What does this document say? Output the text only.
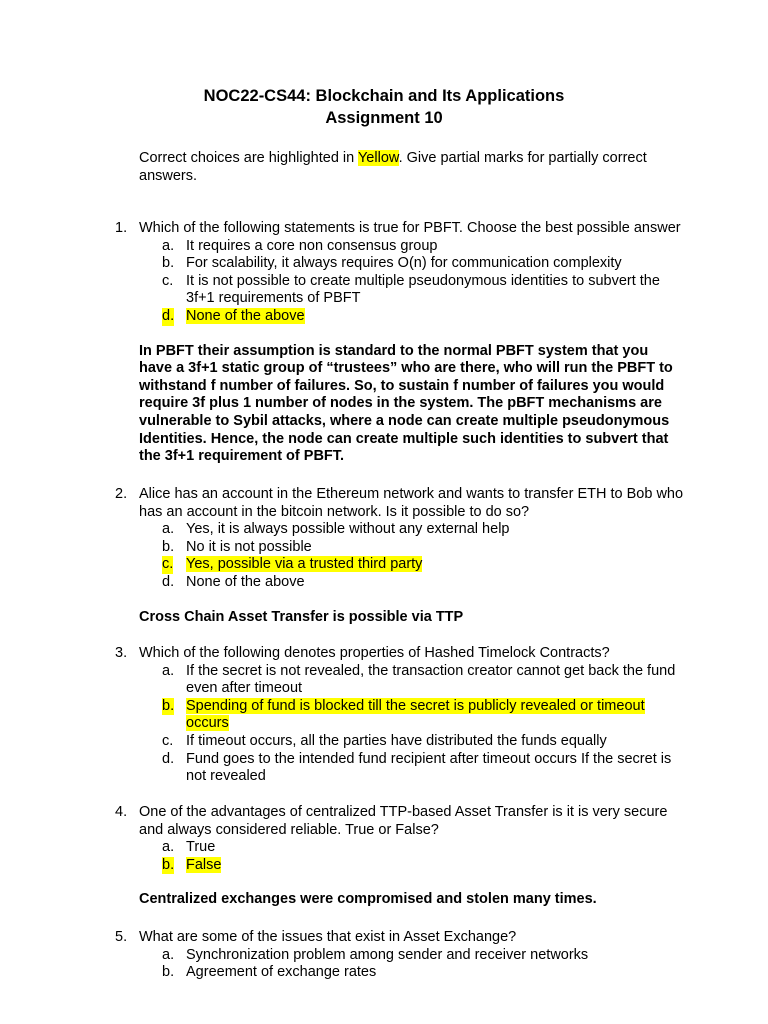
NOC22-CS44: Blockchain and Its Applications
Assignment 10
Correct choices are highlighted in Yellow. Give partial marks for partially correct
answers.
1. Which of the following statements is true for PBFT. Choose the best possible answer
a. It requires a core non consensus group
b. For scalability, it always requires O(n) for communication complexity
c. It is not possible to create multiple pseudonymous identities to subvert the
3f+1 requirements of PBFT
d. None of the above
In PBFT their assumption is standard to the normal PBFT system that you
have a 3f+1 static group of “trustees” who are there, who will run the PBFT to
withstand f number of failures. So, to sustain f number of failures you would
require 3f plus 1 number of nodes in the system. The pBFT mechanisms are
vulnerable to Sybil attacks, where a node can create multiple pseudonymous
Identities. Hence, the node can create multiple such identities to subvert that
the 3f+1 requirement of PBFT.
2. Alice has an account in the Ethereum network and wants to transfer ETH to Bob who
has an account in the bitcoin network. Is it possible to do so?
a. Yes, it is always possible without any external help
b. No it is not possible
c. Yes, possible via a trusted third party
d. None of the above
Cross Chain Asset Transfer is possible via TTP
3. Which of the following denotes properties of Hashed Timelock Contracts?
a. If the secret is not revealed, the transaction creator cannot get back the fund
even after timeout
b. Spending of fund is blocked till the secret is publicly revealed or timeout
occurs
c. If timeout occurs, all the parties have distributed the funds equally
d. Fund goes to the intended fund recipient after timeout occurs If the secret is
not revealed
4. One of the advantages of centralized TTP-based Asset Transfer is it is very secure
and always considered reliable. True or False?
a. True
b. False
Centralized exchanges were compromised and stolen many times.
5. What are some of the issues that exist in Asset Exchange?
a. Synchronization problem among sender and receiver networks
b. Agreement of exchange rates
